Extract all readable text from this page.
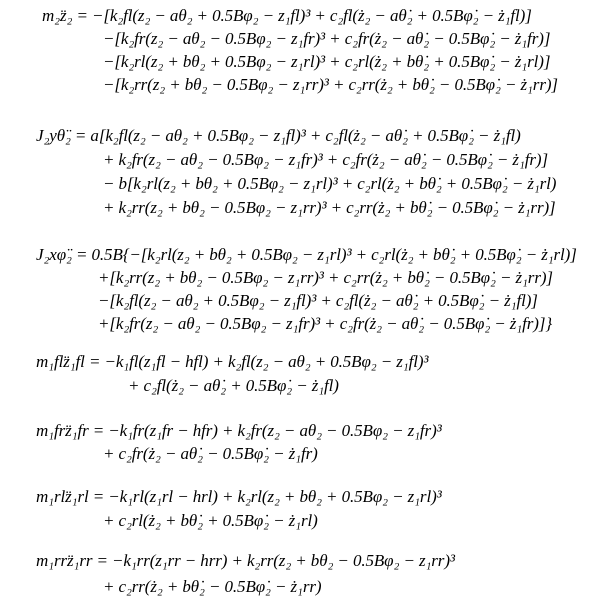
m₂z̈₂ = −[k₂fl(z₂ − aθ₂ + 0.5Bφ₂ − z₁fl)³ + c₂fl(ż₂ − aθ̇₂ + 0.5Bφ̇₂ − ż₁fl)]
−[k₂fr(z₂ − aθ₂ − 0.5Bφ₂ − z₁fr)³ + c₂fr(ż₂ − aθ̇₂ − 0.5Bφ̇₂ − ż₁fr)]
−[k₂rl(z₂ + bθ₂ + 0.5Bφ₂ − z₁rl)³ + c₂rl(ż₂ + bθ̇₂ + 0.5Bφ̇₂ − ż₁rl)]
−[k₂rr(z₂ + bθ₂ − 0.5Bφ₂ − z₁rr)³ + c₂rr(ż₂ + bθ̇₂ − 0.5Bφ̇₂ − ż₁rr)]
J₂yθ̈₂ = a[k₂fl(z₂ − aθ₂ + 0.5Bφ₂ − z₁fl)³ + c₂fl(ż₂ − aθ̇₂ + 0.5Bφ̇₂ − ż₁fl)
+ k₂fr(z₂ − aθ₂ − 0.5Bφ₂ − z₁fr)³ + c₂fr(ż₂ − aθ̇₂ − 0.5Bφ̇₂ − ż₁fr)]
− b[k₂rl(z₂ + bθ₂ + 0.5Bφ₂ − z₁rl)³ + c₂rl(ż₂ + bθ̇₂ + 0.5Bφ̇₂ − ż₁rl)
+ k₂rr(z₂ + bθ₂ − 0.5Bφ₂ − z₁rr)³ + c₂rr(ż₂ + bθ̇₂ − 0.5Bφ̇₂ − ż₁rr)]
J₂xφ̈₂ = 0.5B{−[k₂rl(z₂ + bθ₂ + 0.5Bφ₂ − z₁rl)³ + c₂rl(ż₂ + bθ̇₂ + 0.5Bφ̇₂ − ż₁rl)]
+[k₂rr(z₂ + bθ₂ − 0.5Bφ₂ − z₁rr)³ + c₂rr(ż₂ + bθ̇₂ − 0.5Bφ̇₂ − ż₁rr)]
−[k₂fl(z₂ − aθ₂ + 0.5Bφ₂ − z₁fl)³ + c₂fl(ż₂ − aθ̇₂ + 0.5Bφ̇₂ − ż₁fl)]
+[k₂fr(z₂ − aθ₂ − 0.5Bφ₂ − z₁fr)³ + c₂fr(ż₂ − aθ̇₂ − 0.5Bφ̇₂ − ż₁fr)]}
m₁flz̈₁fl = −k₁fl(z₁fl − hfl) + k₂fl(z₂ − aθ₂ + 0.5Bφ₂ − z₁fl)³
+ c₂fl(ż₂ − aθ̇₂ + 0.5Bφ̇₂ − ż₁fl)
m₁frz̈₁fr = −k₁fr(z₁fr − hfr) + k₂fr(z₂ − aθ₂ − 0.5Bφ₂ − z₁fr)³
+ c₂fr(ż₂ − aθ̇₂ − 0.5Bφ̇₂ − ż₁fr)
m₁rlz̈₁rl = −k₁rl(z₁rl − hrl) + k₂rl(z₂ + bθ₂ + 0.5Bφ₂ − z₁rl)³
+ c₂rl(ż₂ + bθ̇₂ + 0.5Bφ̇₂ − ż₁rl)
m₁rrz̈₁rr = −k₁rr(z₁rr − hrr) + k₂rr(z₂ + bθ₂ − 0.5Bφ₂ − z₁rr)³
+ c₂rr(ż₂ + bθ̇₂ − 0.5Bφ̇₂ − ż₁rr)
